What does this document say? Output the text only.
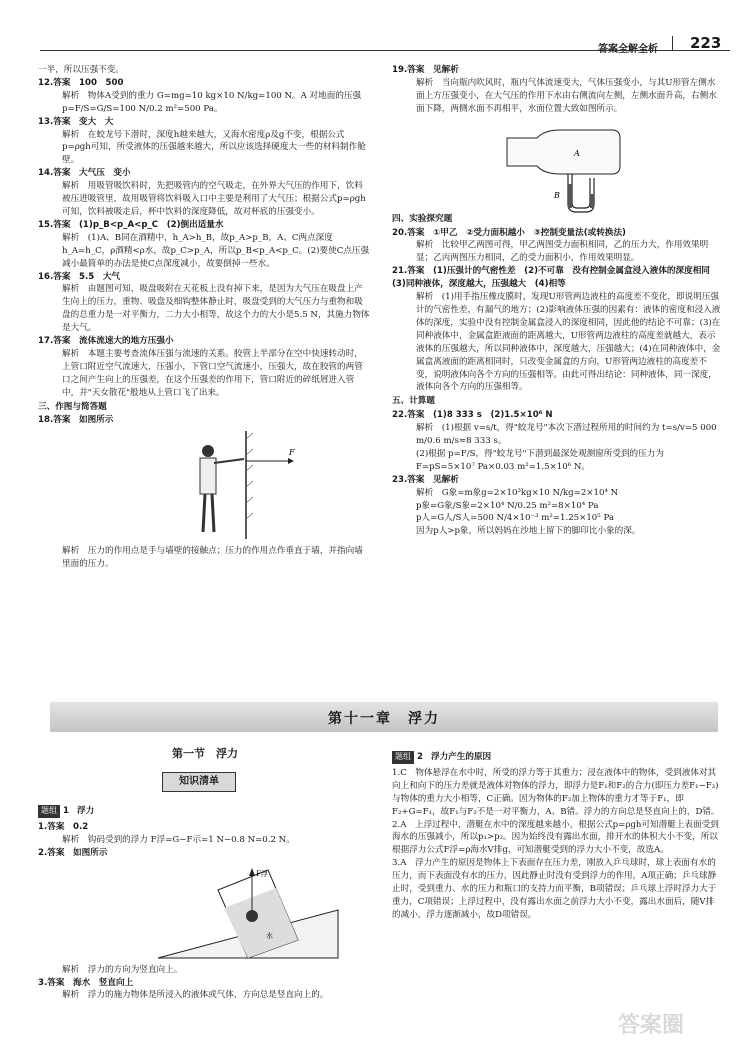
答案全解全析 223

一半，所以压强不变。

12.答案　100　500

解析　物体A受到的重力 G=mg=10 kg×10 N/kg=100 N。A 对地面的压强 p=F/S=G/S=100 N/0.2 m²=500 Pa。

13.答案　变大　大

解析　在蛟龙号下潜时，深度h越来越大，又海水密度ρ及g不变，根据公式p=ρgh可知，所受液体的压强越来越大，所以应该选择硬度大一些的材料制作舱壁。

14.答案　大气压　变小

解析　用吸管吸饮料时，先把吸管内的空气吸走，在外界大气压的作用下，饮料被压进吸管里，故用吸管将饮料吸入口中主要是利用了大气压；根据公式p=ρgh可知，饮料被吸走后，杯中饮料的深度降低，故对杯底的压强变小。

15.答案　(1)p_B<p_A<p_C　(2)倒出适量水

解析　(1)A、B同在酒精中，h_A>h_B，故p_A>p_B，A、C两点深度h_A=h_C，ρ酒精<ρ水，故p_C>p_A，所以p_B<p_A<p_C。(2)要使C点压强减小最简单的办法是使C点深度减小，故要倒掉一些水。

16.答案　5.5　大气

解析　由题图可知，吸盘吸附在天花板上没有掉下来，是因为大气压在吸盘上产生向上的压力，重物、吸盘及细钩整体静止时，吸盘受到的大气压力与重物和吸盘的总重力是一对平衡力，二力大小相等，故这个力的大小是5.5 N，其施力物体是大气。

17.答案　流体流速大的地方压强小

解析　本题主要考查流体压强与流速的关系。胶管上半部分在空中快速转动时，上管口附近空气流速大，压强小，下管口空气流速小，压强大，故在胶管的两管口之间产生向上的压强差，在这个压强差的作用下，管口附近的碎纸屑进入管中，并"天女散花"般地从上管口飞了出来。

三、作图与简答题

18.答案　如图所示

F

解析　压力的作用点是手与墙壁的接触点；压力的作用点作垂直于墙，并指向墙里面的压力。

19.答案　见解析

解析　当向瓶内吹风时，瓶内气体流速变大，气体压强变小，与其U形管左侧水面上方压强变小，在大气压的作用下水由右侧流向左侧，左侧水面升高，右侧水面下降，两侧水面不再相平，水面位置大致如图所示。

A
B

四、实验探究题

20.答案　①甲乙　②受力面积越小　③控制变量法(或转换法)

解析　比较甲乙两图可得，甲乙两图受力面积相同，乙的压力大，作用效果明显；乙丙两图压力相同，乙的受力面积小，作用效果明显。

21.答案　(1)压强计的气密性差　(2)不可靠　没有控制金属盒浸入液体的深度相同　(3)同种液体，深度越大，压强越大　(4)相等

解析　(1)用手指压橡皮膜时，发现U形管两边液柱的高度差不变化，即说明压强计的气密性差，有漏气的地方；(2)影响液体压强的因素有：液体的密度和浸入液体的深度，实验中没有控制金属盒浸入的深度相同，因此他的结论不可靠；(3)在同种液体中，金属盒距液面的距离越大，U形管两边液柱的高度差就越大，表示液体的压强越大，所以同种液体中，深度越大，压强越大；(4)在同种液体中，金属盒离液面的距离相同时，只改变金属盒的方向，U形管两边液柱的高度差不变，说明液体向各个方向的压强相等。由此可得出结论：同种液体，同一深度，液体向各个方向的压强相等。

五、计算题

22.答案　(1)8 333 s　(2)1.5×10⁶ N

解析　(1)根据 v=s/t，得"蛟龙号"本次下潜过程所用的时间约为 t=s/v=5 000 m/0.6 m/s≈8 333 s。

(2)根据 p=F/S，得"蛟龙号"下潜到最深处观测窗所受到的压力为 F=pS=5×10⁷ Pa×0.03 m²=1.5×10⁶ N。

23.答案　见解析

解析　G象=m象g=2×10³kg×10 N/kg=2×10⁴ N

p象=G象/S象=2×10⁴ N/0.25 m²=8×10⁴ Pa

p人=G人/S人=500 N/4×10⁻³ m²=1.25×10⁵ Pa

因为p人>p象，所以妈妈在沙地上留下的脚印比小象的深。

第十一章　浮力
第一节　浮力
知识清单

题组 1 浮力

1.答案　0.2

解析　钩码受到的浮力 F浮=G−F示=1 N−0.8 N=0.2 N。

2.答案　如图所示

F浮
水

解析　浮力的方向为竖直向上。

3.答案　海水　竖直向上

解析　浮力的施力物体是所浸入的液体或气体，方向总是竖直向上的。

题组 2 浮力产生的原因

1.C　物体悬浮在水中时，所受的浮力等于其重力；浸在液体中的物体，受到液体对其向上和向下的压力差就是液体对物体的浮力，即浮力是F₁和F₂的合力(即压力差F₁−F₂)与物体的重力大小相等，C正确。因为物体的F₂加上物体的重力才等于F₁，即F₂+G=F₁，故F₁与F₂不是一对平衡力，A、B错。浮力的方向总是竖直向上的，D错。

2.A　上浮过程中，潜艇在水中的深度越来越小，根据公式p=ρgh可知潜艇上表面受到海水的压强减小，所以p₁>p₂。因为始终没有露出水面，排开水的体积大小不变，所以根据浮力公式F浮=ρ海水V排g，可知潜艇受到的浮力大小不变，故选A。

3.A　浮力产生的原因是物体上下表面存在压力差，刚放入乒乓球时，球上表面有水的压力，而下表面没有水的压力，因此静止时没有受到浮力的作用，A项正确；乒乓球静止时，受到重力、水的压力和瓶口的支持力而平衡，B项错误；乒乓球上浮时浮力大于重力，C项错误；上浮过程中，没有露出水面之前浮力大小不变，露出水面后，随V排的减小，浮力逐渐减小，故D项错误。

答案圈
